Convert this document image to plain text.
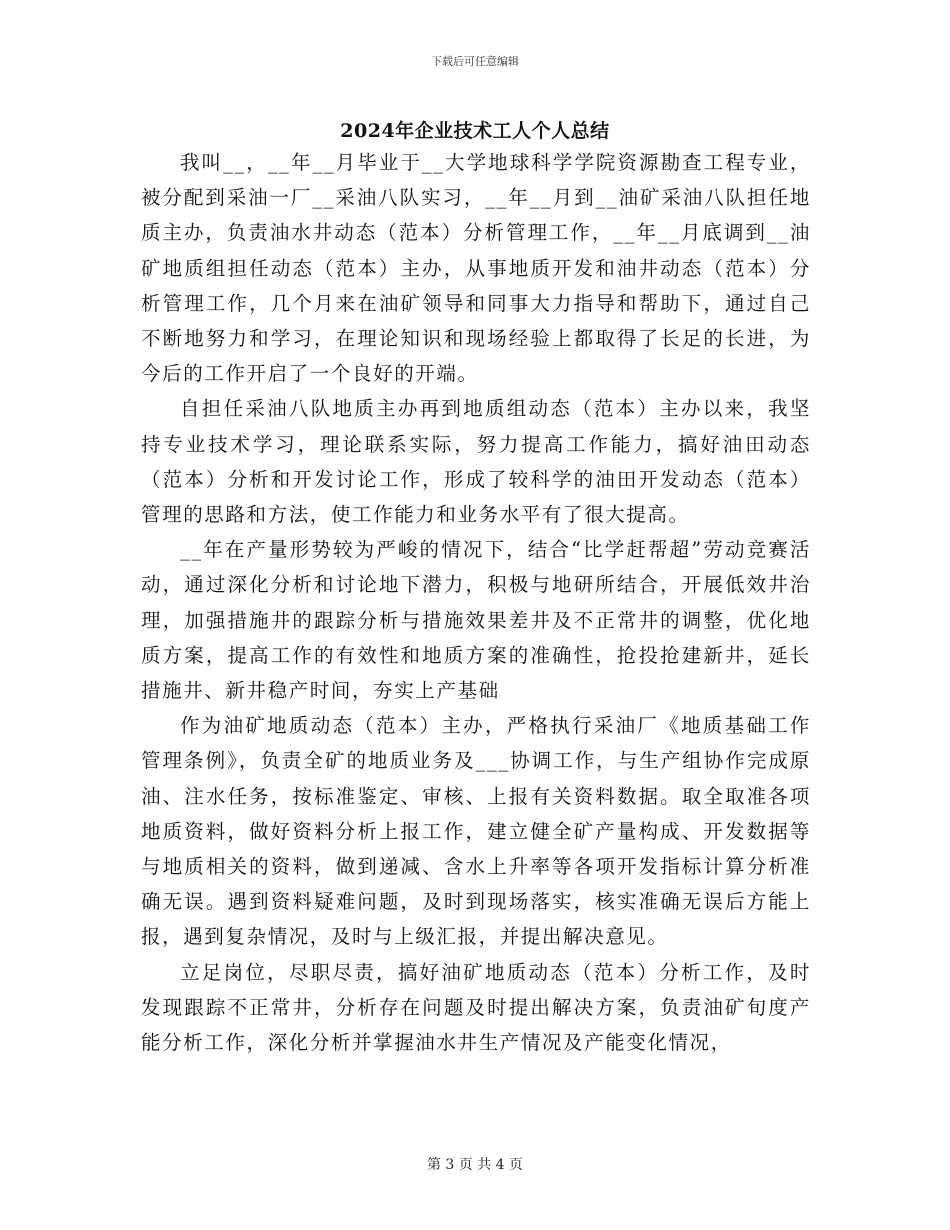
下载后可任意编辑
2024年企业技术工人个人总结

我叫__，__年__月毕业于__大学地球科学学院资源勘查工程专业，被分配到采油一厂__采油八队实习，__年__月到__油矿采油八队担任地质主办，负责油水井动态（范本）分析管理工作，__年__月底调到__油矿地质组担任动态（范本）主办，从事地质开发和油井动态（范本）分析管理工作，几个月来在油矿领导和同事大力指导和帮助下，通过自己不断地努力和学习，在理论知识和现场经验上都取得了长足的长进，为今后的工作开启了一个良好的开端。

自担任采油八队地质主办再到地质组动态（范本）主办以来，我坚持专业技术学习，理论联系实际，努力提高工作能力，搞好油田动态（范本）分析和开发讨论工作，形成了较科学的油田开发动态（范本）管理的思路和方法，使工作能力和业务水平有了很大提高。

__年在产量形势较为严峻的情况下，结合“比学赶帮超”劳动竞赛活动，通过深化分析和讨论地下潜力，积极与地研所结合，开展低效井治理，加强措施井的跟踪分析与措施效果差井及不正常井的调整，优化地质方案，提高工作的有效性和地质方案的准确性，抢投抢建新井，延长措施井、新井稳产时间，夯实上产基础

作为油矿地质动态（范本）主办，严格执行采油厂《地质基础工作管理条例》，负责全矿的地质业务及___协调工作，与生产组协作完成原油、注水任务，按标准鉴定、审核、上报有关资料数据。取全取准各项地质资料，做好资料分析上报工作，建立健全矿产量构成、开发数据等与地质相关的资料，做到递减、含水上升率等各项开发指标计算分析准确无误。遇到资料疑难问题，及时到现场落实，核实准确无误后方能上报，遇到复杂情况，及时与上级汇报，并提出解决意见。

立足岗位，尽职尽责，搞好油矿地质动态（范本）分析工作，及时发现跟踪不正常井，分析存在问题及时提出解决方案，负责油矿旬度产能分析工作，深化分析并掌握油水井生产情况及产能变化情况，

第 3 页 共 4 页
